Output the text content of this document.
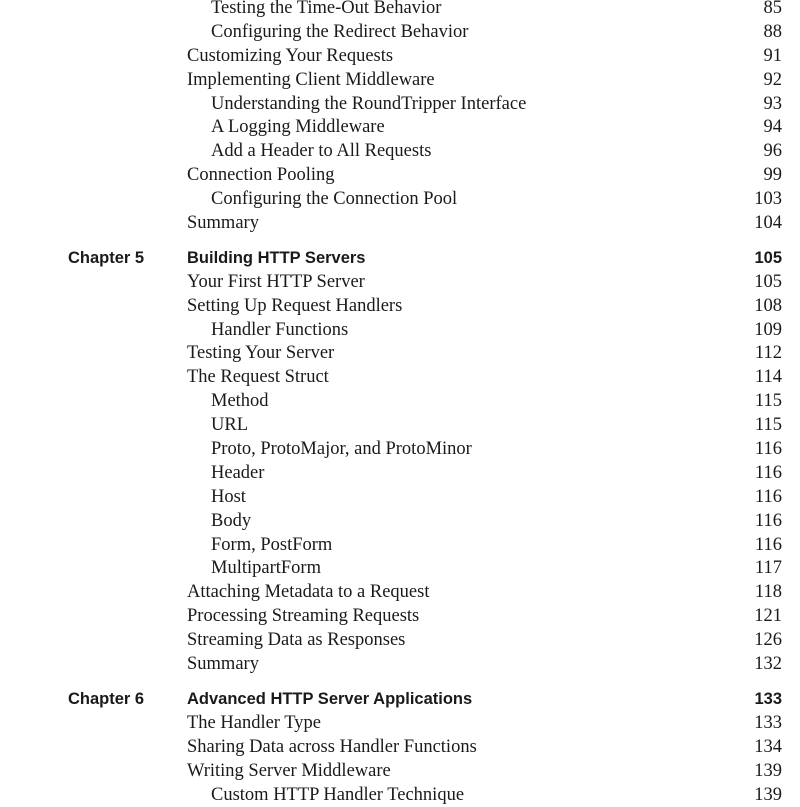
Testing the Time-Out Behavior	85
Configuring the Redirect Behavior	88
Customizing Your Requests	91
Implementing Client Middleware	92
Understanding the RoundTripper Interface	93
A Logging Middleware	94
Add a Header to All Requests	96
Connection Pooling	99
Configuring the Connection Pool	103
Summary	104
Chapter 5	Building HTTP Servers	105
Your First HTTP Server	105
Setting Up Request Handlers	108
Handler Functions	109
Testing Your Server	112
The Request Struct	114
Method	115
URL	115
Proto, ProtoMajor, and ProtoMinor	116
Header	116
Host	116
Body	116
Form, PostForm	116
MultipartForm	117
Attaching Metadata to a Request	118
Processing Streaming Requests	121
Streaming Data as Responses	126
Summary	132
Chapter 6	Advanced HTTP Server Applications	133
The Handler Type	133
Sharing Data across Handler Functions	134
Writing Server Middleware	139
Custom HTTP Handler Technique	139
